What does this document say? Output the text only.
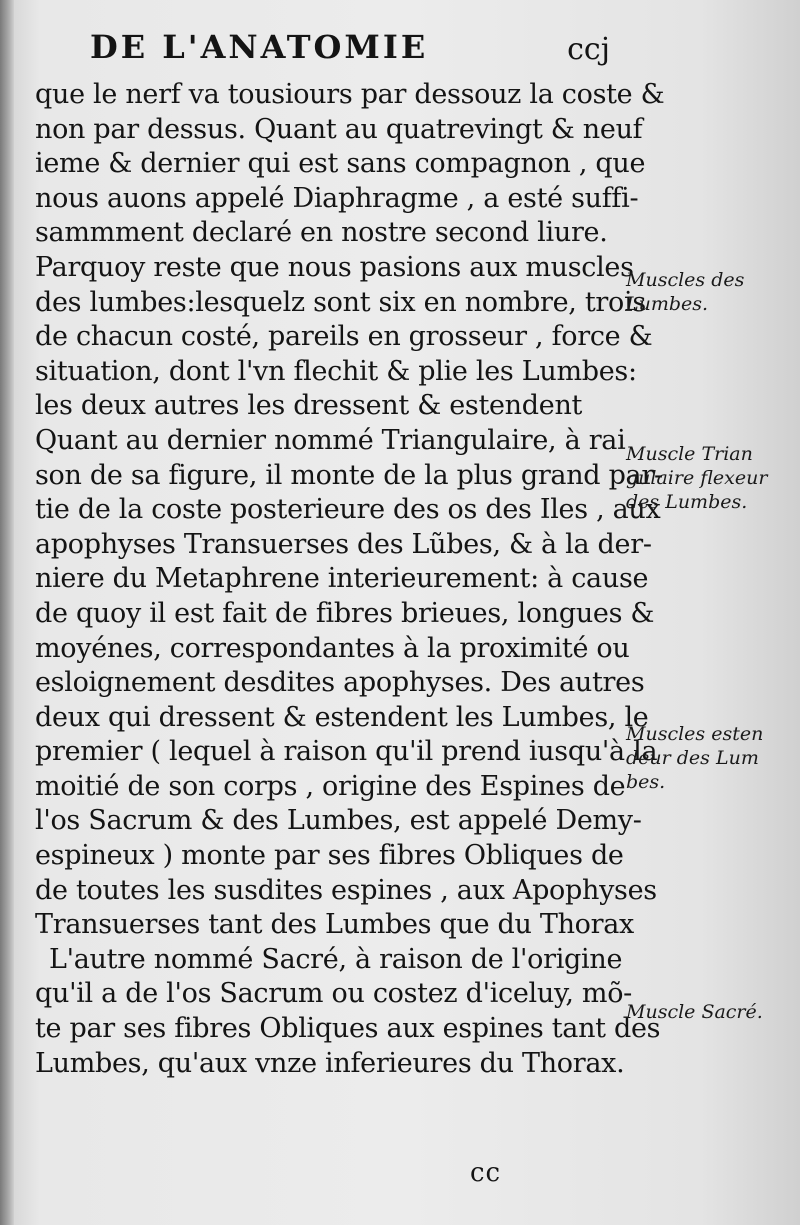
DE L'ANATOMIE	ccj
que le nerf va tousiours par dessouz la coste &
non par dessus. Quant au quatrevingt & neuf
ieme & dernier qui est sans compagnon , que
nous auons appelé Diaphragme , a esté suffi-
sammment declaré en nostre second liure.
Parquoy reste que nous pasions aux muscles
des lumbes:lesquelz sont six en nombre, trois
de chacun costé, pareils en grosseur , force &
situation, dont l'vn flechit & plie les Lumbes:
les deux autres les dressent & estendent
Quant au dernier nommé Triangulaire, à rai
son de sa figure, il monte de la plus grand par-
tie de la coste posterieure des os des Iles , aux
apophyses Transuerses des Lũbes, & à la der-
niere du Metaphrene interieurement: à cause
de quoy il est fait de fibres brieues, longues &
moyénes, correspondantes à la proximité ou
esloignement desdites apophyses. Des autres
deux qui dressent & estendent les Lumbes, le
premier ( lequel à raison qu'il prend iusqu'à la
moitié de son corps , origine des Espines de
l'os Sacrum & des Lumbes, est appelé Demy-
espineux ) monte par ses fibres Obliques de
de toutes les susdites espines , aux Apophyses
Transuerses tant des Lumbes que du Thorax
L'autre nommé Sacré, à raison de l'origine
qu'il a de l'os Sacrum ou costez d'iceluy, mõ-
te par ses fibres Obliques aux espines tant des
Lumbes, qu'aux vnze inferieures du Thorax.
Muscles des
Lumbes.
Muscle Trian
gulaire flexeur
des Lumbes.
Muscles esten
deur des Lum
bes.
Muscle Sacré.
cc
